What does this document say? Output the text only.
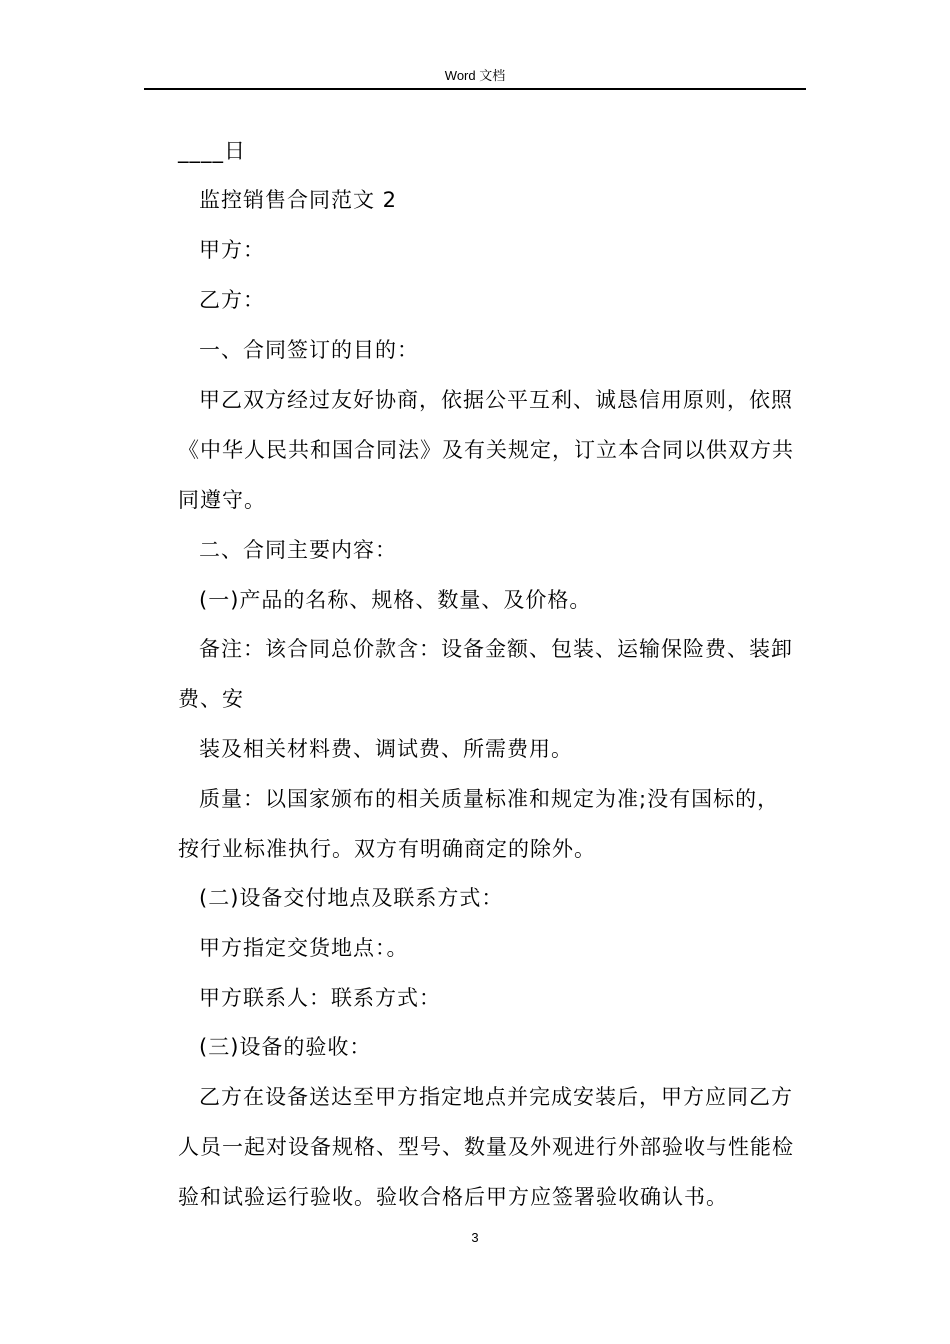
Word 文档
____日
监控销售合同范文 2
甲方：
乙方：
一、合同签订的目的：
甲乙双方经过友好协商，依据公平互利、诚恳信用原则，依照
《中华人民共和国合同法》及有关规定，订立本合同以供双方共
同遵守。
二、合同主要内容：
(一)产品的名称、规格、数量、及价格。
备注：该合同总价款含：设备金额、包装、运输保险费、装卸
费、安
装及相关材料费、调试费、所需费用。
质量：以国家颁布的相关质量标准和规定为准;没有国标的，
按行业标准执行。双方有明确商定的除外。
(二)设备交付地点及联系方式：
甲方指定交货地点：。
甲方联系人：联系方式：
(三)设备的验收：
乙方在设备送达至甲方指定地点并完成安装后，甲方应同乙方
人员一起对设备规格、型号、数量及外观进行外部验收与性能检
验和试验运行验收。验收合格后甲方应签署验收确认书。
3
